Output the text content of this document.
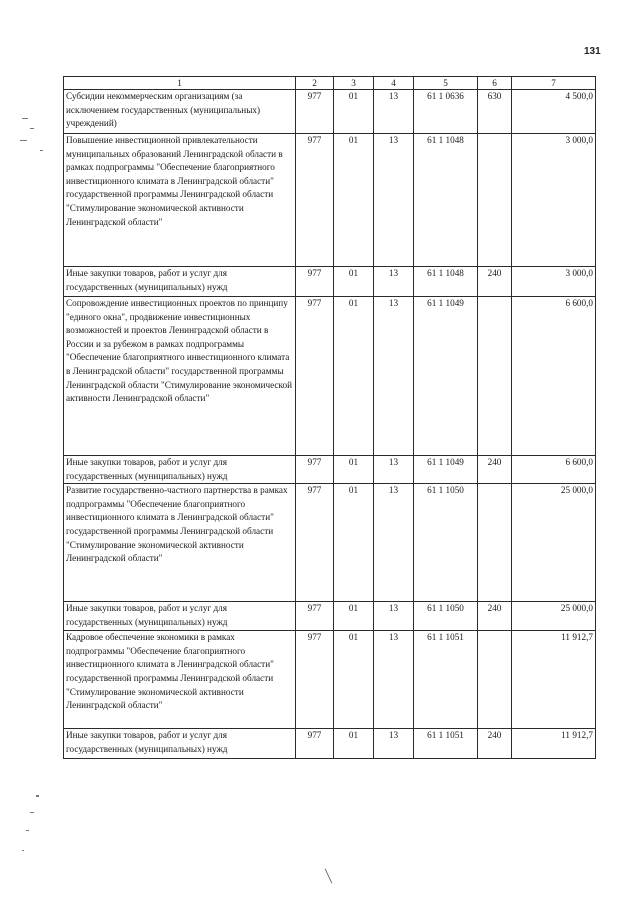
131
1	2	3	4	5	6	7
Субсидии некоммерческим организациям (за исключением государственных (муниципальных) учреждений)	977	01	13	61 1 0636	630	4 500,0
Повышение инвестиционной привлекательности муниципальных образований Ленинградской области в рамках подпрограммы "Обеспечение благоприятного инвестиционного климата в Ленинградской области" государственной программы Ленинградской области "Стимулирование экономической активности Ленинградской области"	977	01	13	61 1 1048		3 000,0
Иные закупки товаров, работ и услуг для государственных (муниципальных) нужд	977	01	13	61 1 1048	240	3 000,0
Сопровождение инвестиционных проектов по принципу "единого окна", продвижение инвестиционных возможностей и проектов Ленинградской области в России и за рубежом в рамках подпрограммы "Обеспечение благоприятного инвестиционного климата в Ленинградской области" государственной программы Ленинградской области "Стимулирование экономической активности Ленинградской области"	977	01	13	61 1 1049		6 600,0
Иные закупки товаров, работ и услуг для государственных (муниципальных) нужд	977	01	13	61 1 1049	240	6 600,0
Развитие государственно-частного партнерства в рамках подпрограммы "Обеспечение благоприятного инвестиционного климата в Ленинградской области" государственной программы Ленинградской области "Стимулирование экономической активности Ленинградской области"	977	01	13	61 1 1050		25 000,0
Иные закупки товаров, работ и услуг для государственных (муниципальных) нужд	977	01	13	61 1 1050	240	25 000,0
Кадровое обеспечение экономики в рамках подпрограммы "Обеспечение благоприятного инвестиционного климата в Ленинградской области" государственной программы Ленинградской области "Стимулирование экономической активности Ленинградской области"	977	01	13	61 1 1051		11 912,7
Иные закупки товаров, работ и услуг для государственных (муниципальных) нужд	977	01	13	61 1 1051	240	11 912,7
